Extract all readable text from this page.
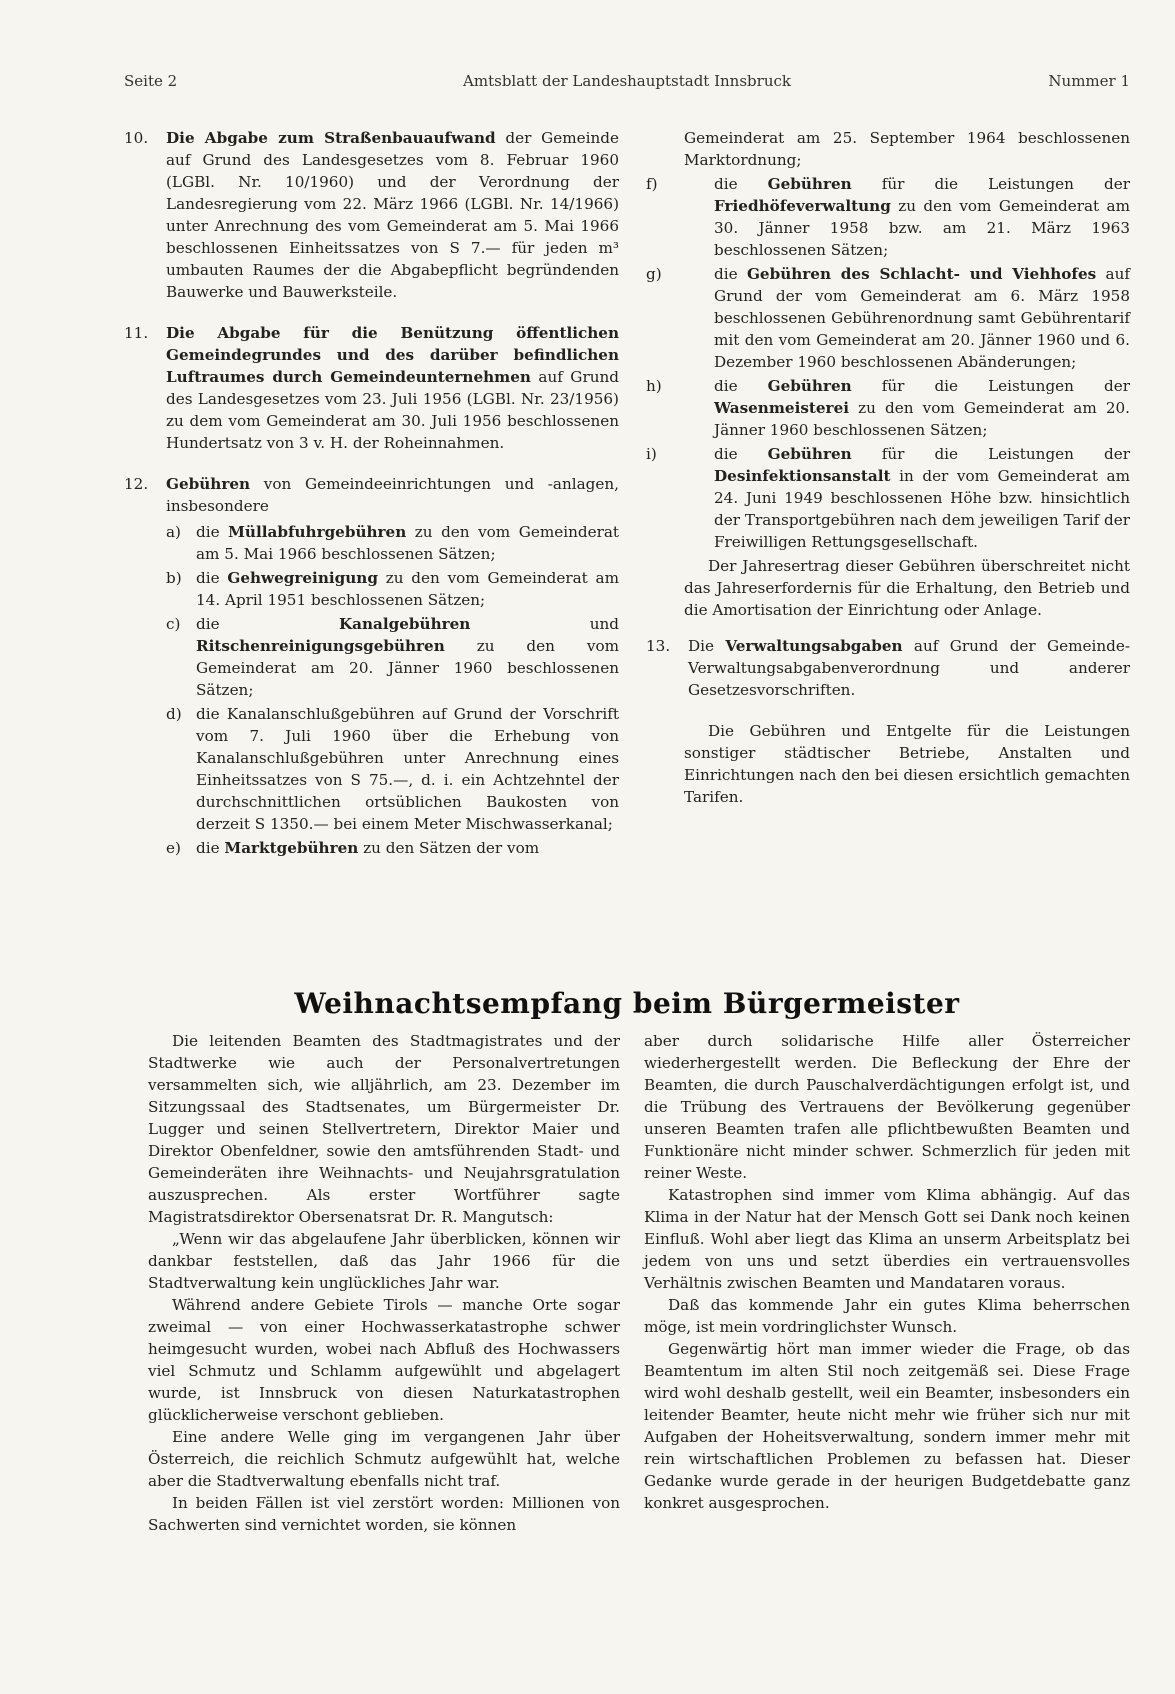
Seite 2	Amtsblatt der Landeshauptstadt Innsbruck	Nummer 1
10. Die Abgabe zum Straßenbauaufwand der Gemeinde auf Grund des Landesgesetzes vom 8. Februar 1960 (LGBl. Nr. 10/1960) und der Verordnung der Landesregierung vom 22. März 1966 (LGBl. Nr. 14/1966) unter Anrechnung des vom Gemeinderat am 5. Mai 1966 beschlossenen Einheitssatzes von S 7.— für jeden m³ umbauten Raumes der die Abgabepflicht begründenden Bauwerke und Bauwerksteile.
11. Die Abgabe für die Benützung öffentlichen Gemeindegrundes und des darüber befindlichen Luftraumes durch Gemeindeunternehmen auf Grund des Landesgesetzes vom 23. Juli 1956 (LGBl. Nr. 23/1956) zu dem vom Gemeinderat am 30. Juli 1956 beschlossenen Hundertsatz von 3 v. H. der Roheinnahmen.
12. Gebühren von Gemeindeeinrichtungen und -anlagen, insbesondere
a) die Müllabfuhrgebühren zu den vom Gemeinderat am 5. Mai 1966 beschlossenen Sätzen;
b) die Gehwegreinigung zu den vom Gemeinderat am 14. April 1951 beschlossenen Sätzen;
c) die Kanalgebühren und Ritschenreinigungsgebühren zu den vom Gemeinderat am 20. Jänner 1960 beschlossenen Sätzen;
d) die Kanalanschlußgebühren auf Grund der Vorschrift vom 7. Juli 1960 über die Erhebung von Kanalanschlußgebühren unter Anrechnung eines Einheitssatzes von S 75.—, d. i. ein Achtzehntel der durchschnittlichen ortsüblichen Baukosten von derzeit S 1350.— bei einem Meter Mischwasserkanal;
e) die Marktgebühren zu den Sätzen der vom

Gemeinderat am 25. September 1964 beschlossenen Marktordnung;

f)	die Gebühren für die Leistungen der Friedhöfeverwaltung zu den vom Gemeinderat am 30. Jänner 1958 bzw. am 21. März 1963 beschlossenen Sätzen;
g)	die Gebühren des Schlacht- und Viehhofes auf Grund der vom Gemeinderat am 6. März 1958 beschlossenen Gebührenordnung samt Gebührentarif mit den vom Gemeinderat am 20. Jänner 1960 und 6. Dezember 1960 beschlossenen Abänderungen;
h)	die Gebühren für die Leistungen der Wasenmeisterei zu den vom Gemeinderat am 20. Jänner 1960 beschlossenen Sätzen;
i)	die Gebühren für die Leistungen der Desinfektionsanstalt in der vom Gemeinderat am 24. Juni 1949 beschlossenen Höhe bzw. hinsichtlich der Transportgebühren nach dem jeweiligen Tarif der Freiwilligen Rettungsgesellschaft.

Der Jahresertrag dieser Gebühren überschreitet nicht das Jahreserfordernis für die Erhaltung, den Betrieb und die Amortisation der Einrichtung oder Anlage.

13. Die Verwaltungsabgaben auf Grund der Gemeinde-Verwaltungsabgabenverordnung und anderer Gesetzesvorschriften.

Die Gebühren und Entgelte für die Leistungen sonstiger städtischer Betriebe, Anstalten und Einrichtungen nach den bei diesen ersichtlich gemachten Tarifen.

Weihnachtsempfang beim Bürgermeister

Die leitenden Beamten des Stadtmagistrates und der Stadtwerke wie auch der Personalvertretungen versammelten sich, wie alljährlich, am 23. Dezember im Sitzungssaal des Stadtsenates, um Bürgermeister Dr. Lugger und seinen Stellvertretern, Direktor Maier und Direktor Obenfeldner, sowie den amtsführenden Stadt- und Gemeinderäten ihre Weihnachts- und Neujahrsgratulation auszusprechen. Als erster Wortführer sagte Magistratsdirektor Obersenatsrat Dr. R. Mangutsch:

„Wenn wir das abgelaufene Jahr überblicken, können wir dankbar feststellen, daß das Jahr 1966 für die Stadtverwaltung kein unglückliches Jahr war.

Während andere Gebiete Tirols — manche Orte sogar zweimal — von einer Hochwasserkatastrophe schwer heimgesucht wurden, wobei nach Abfluß des Hochwassers viel Schmutz und Schlamm aufgewühlt und abgelagert wurde, ist Innsbruck von diesen Naturkatastrophen glücklicherweise verschont geblieben.

Eine andere Welle ging im vergangenen Jahr über Österreich, die reichlich Schmutz aufgewühlt hat, welche aber die Stadtverwaltung ebenfalls nicht traf.

In beiden Fällen ist viel zerstört worden: Millionen von Sachwerten sind vernichtet worden, sie können

aber durch solidarische Hilfe aller Österreicher wiederhergestellt werden. Die Befleckung der Ehre der Beamten, die durch Pauschalverdächtigungen erfolgt ist, und die Trübung des Vertrauens der Bevölkerung gegenüber unseren Beamten trafen alle pflichtbewußten Beamten und Funktionäre nicht minder schwer. Schmerzlich für jeden mit reiner Weste.

Katastrophen sind immer vom Klima abhängig. Auf das Klima in der Natur hat der Mensch Gott sei Dank noch keinen Einfluß. Wohl aber liegt das Klima an unserm Arbeitsplatz bei jedem von uns und setzt überdies ein vertrauensvolles Verhältnis zwischen Beamten und Mandataren voraus.

Daß das kommende Jahr ein gutes Klima beherrschen möge, ist mein vordringlichster Wunsch.

Gegenwärtig hört man immer wieder die Frage, ob das Beamtentum im alten Stil noch zeitgemäß sei. Diese Frage wird wohl deshalb gestellt, weil ein Beamter, insbesonders ein leitender Beamter, heute nicht mehr wie früher sich nur mit Aufgaben der Hoheitsverwaltung, sondern immer mehr mit rein wirtschaftlichen Problemen zu befassen hat. Dieser Gedanke wurde gerade in der heurigen Budgetdebatte ganz konkret ausgesprochen.
